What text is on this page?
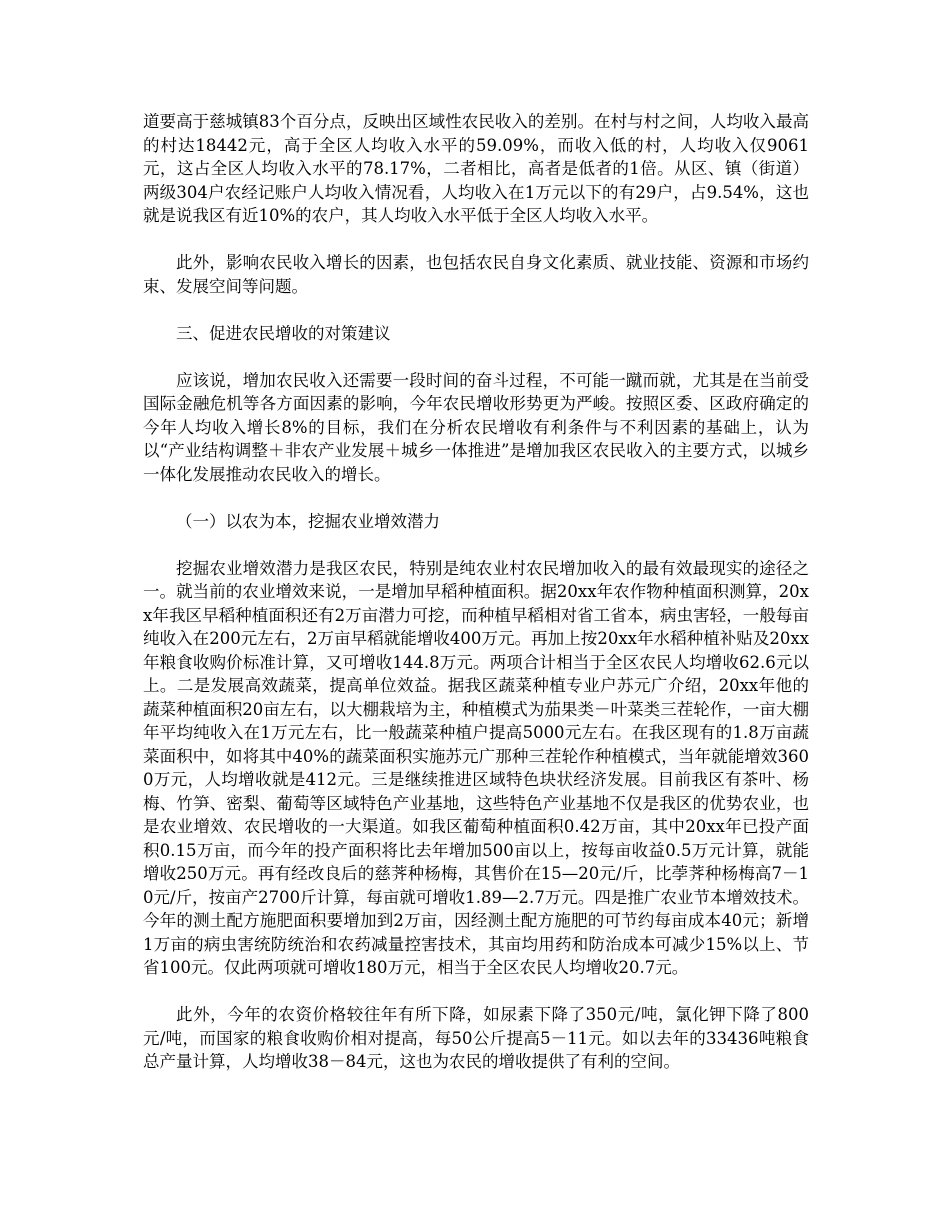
道要高于慈城镇83个百分点，反映出区域性农民收入的差别。在村与村之间，人均收入最高的村达18442元，高于全区人均收入水平的59.09%，而收入低的村，人均收入仅9061元，这占全区人均收入水平的78.17%，二者相比，高者是低者的1倍。从区、镇（街道）两级304户农经记账户人均收入情况看，人均收入在1万元以下的有29户，占9.54%，这也就是说我区有近10%的农户，其人均收入水平低于全区人均收入水平。

此外，影响农民收入增长的因素，也包括农民自身文化素质、就业技能、资源和市场约束、发展空间等问题。

三、促进农民增收的对策建议

应该说，增加农民收入还需要一段时间的奋斗过程，不可能一蹴而就，尤其是在当前受国际金融危机等各方面因素的影响，今年农民增收形势更为严峻。按照区委、区政府确定的今年人均收入增长8%的目标，我们在分析农民增收有利条件与不利因素的基础上，认为以“产业结构调整＋非农产业发展＋城乡一体推进”是增加我区农民收入的主要方式，以城乡一体化发展推动农民收入的增长。

（一）以农为本，挖掘农业增效潜力

挖掘农业增效潜力是我区农民，特别是纯农业村农民增加收入的最有效最现实的途径之一。就当前的农业增效来说，一是增加早稻种植面积。据20xx年农作物种植面积测算，20xx年我区早稻种植面积还有2万亩潜力可挖，而种植早稻相对省工省本，病虫害轻，一般每亩纯收入在200元左右，2万亩早稻就能增收400万元。再加上按20xx年水稻种植补贴及20xx年粮食收购价标准计算，又可增收144.8万元。两项合计相当于全区农民人均增收62.6元以上。二是发展高效蔬菜，提高单位效益。据我区蔬菜种植专业户苏元广介绍，20xx年他的蔬菜种植面积20亩左右，以大棚栽培为主，种植模式为茄果类－叶菜类三茬轮作，一亩大棚年平均纯收入在1万元左右，比一般蔬菜种植户提高5000元左右。在我区现有的1.8万亩蔬菜面积中，如将其中40%的蔬菜面积实施苏元广那种三茬轮作种植模式，当年就能增效3600万元，人均增收就是412元。三是继续推进区域特色块状经济发展。目前我区有茶叶、杨梅、竹笋、密梨、葡萄等区域特色产业基地，这些特色产业基地不仅是我区的优势农业，也是农业增效、农民增收的一大渠道。如我区葡萄种植面积0.42万亩，其中20xx年已投产面积0.15万亩，而今年的投产面积将比去年增加500亩以上，按每亩收益0.5万元计算，就能增收250万元。再有经改良后的慈荠种杨梅，其售价在15—20元/斤，比荸荠种杨梅高7－10元/斤，按亩产2700斤计算，每亩就可增收1.89—2.7万元。四是推广农业节本增效技术。今年的测土配方施肥面积要增加到2万亩，因经测土配方施肥的可节约每亩成本40元；新增1万亩的病虫害统防统治和农药减量控害技术，其亩均用药和防治成本可减少15%以上、节省100元。仅此两项就可增收180万元，相当于全区农民人均增收20.7元。

此外，今年的农资价格较往年有所下降，如尿素下降了350元/吨，氯化钾下降了800元/吨，而国家的粮食收购价相对提高，每50公斤提高5－11元。如以去年的33436吨粮食总产量计算，人均增收38－84元，这也为农民的增收提供了有利的空间。
